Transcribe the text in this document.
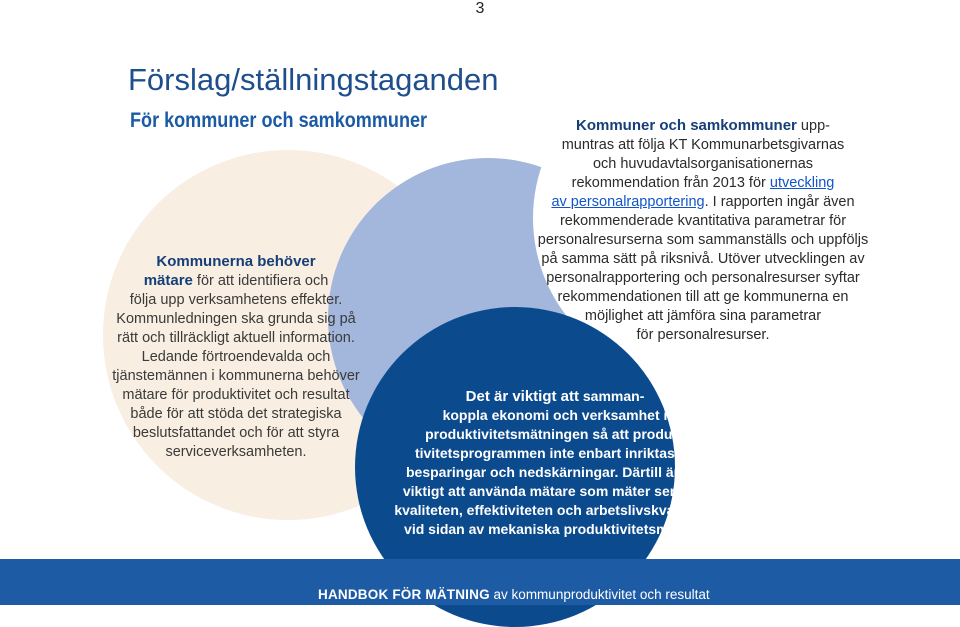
3
Förslag/ställningstaganden
För kommuner och samkommuner
Kommunerna behöver
mätare för att identifiera och
följa upp verksamhetens effekter.
Kommunledningen ska grunda sig på
rätt och tillräckligt aktuell information.
Ledande förtroendevalda och
tjänstemännen i kommunerna behöver
mätare för produktivitet och resultat
både för att stöda det strategiska
beslutsfattandet och för att styra
serviceverksamheten.
Kommuner och samkommuner upp-
muntras att följa KT Kommunarbetsgivarnas
och huvudavtalsorganisationernas
rekommendation från 2013 för utveckling
av personalrapportering. I rapporten ingår även
rekommenderade kvantitativa parametrar för
personalresurserna som sammanställs och uppföljs
på samma sätt på riksnivå. Utöver utvecklingen av
personalrapportering och personalresurser syftar
rekommendationen till att ge kommunerna en
möjlighet att jämföra sina parametrar
för personalresurser.
Det är viktigt att samman-
koppla ekonomi och verksamhet i
produktivitetsmätningen så att produk-
tivitetsprogrammen inte enbart inriktas på
besparingar och nedskärningar. Därtill är det
viktigt att använda mätare som mäter service-
kvaliteten, effektiviteten och arbetslivskvaliteten
vid sidan av mekaniska produktivitetsmätare.
HANDBOK FÖR MÄTNING av kommunproduktivitet och resultat
